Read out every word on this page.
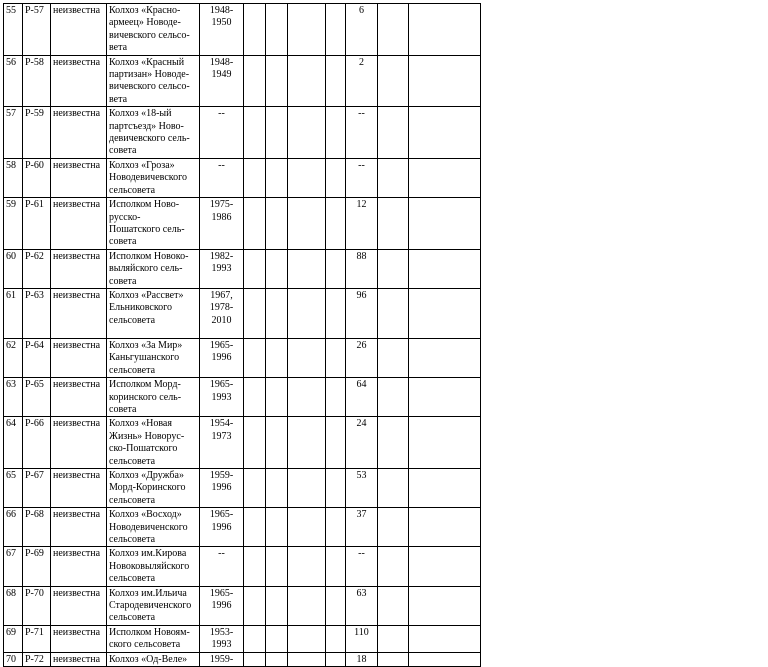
55	Р-57	неизвестна	Колхоз «Красно-
армеец» Новоде-
вичевского сельсо-
вета	1948-
1950					6		
56	Р-58	неизвестна	Колхоз «Красный
партизан» Новоде-
вичевского сельсо-
вета	1948-
1949					2		
57	Р-59	неизвестна	Колхоз «18-ый
партсъезд» Ново-
девичевского сель-
совета	--					--		
58	Р-60	неизвестна	Колхоз «Гроза»
Новодевичевского
сельсовета	--					--		
59	Р-61	неизвестна	Исполком Ново-
русско-
Пошатского сель-
совета	1975-
1986					12		
60	Р-62	неизвестна	Исполком Новоко-
выляйского сель-
совета	1982-
1993					88		
61	Р-63	неизвестна	Колхоз «Рассвет»
Ельниковского
сельсовета	1967,
1978-
2010					96		
62	Р-64	неизвестна	Колхоз «За Мир»
Каньгушанского
сельсовета	1965-
1996					26		
63	Р-65	неизвестна	Исполком Морд-
коринского сель-
совета	1965-
1993					64		
64	Р-66	неизвестна	Колхоз «Новая
Жизнь» Новорус-
ско-Пошатского
сельсовета	1954-
1973					24		
65	Р-67	неизвестна	Колхоз «Дружба»
Морд-Коринского
сельсовета	1959-
1996					53		
66	Р-68	неизвестна	Колхоз «Восход»
Новодевиченского
сельсовета	1965-
1996					37		
67	Р-69	неизвестна	Колхоз им.Кирова
Новоковыляйского
сельсовета	--					--		
68	Р-70	неизвестна	Колхоз им.Ильича
Стародевиченского
сельсовета	1965-
1996					63		
69	Р-71	неизвестна	Исполком Новоям-
ского сельсовета	1953-
1993					110		
70	Р-72	неизвестна	Колхоз «Од-Веле»	1959-					18		
